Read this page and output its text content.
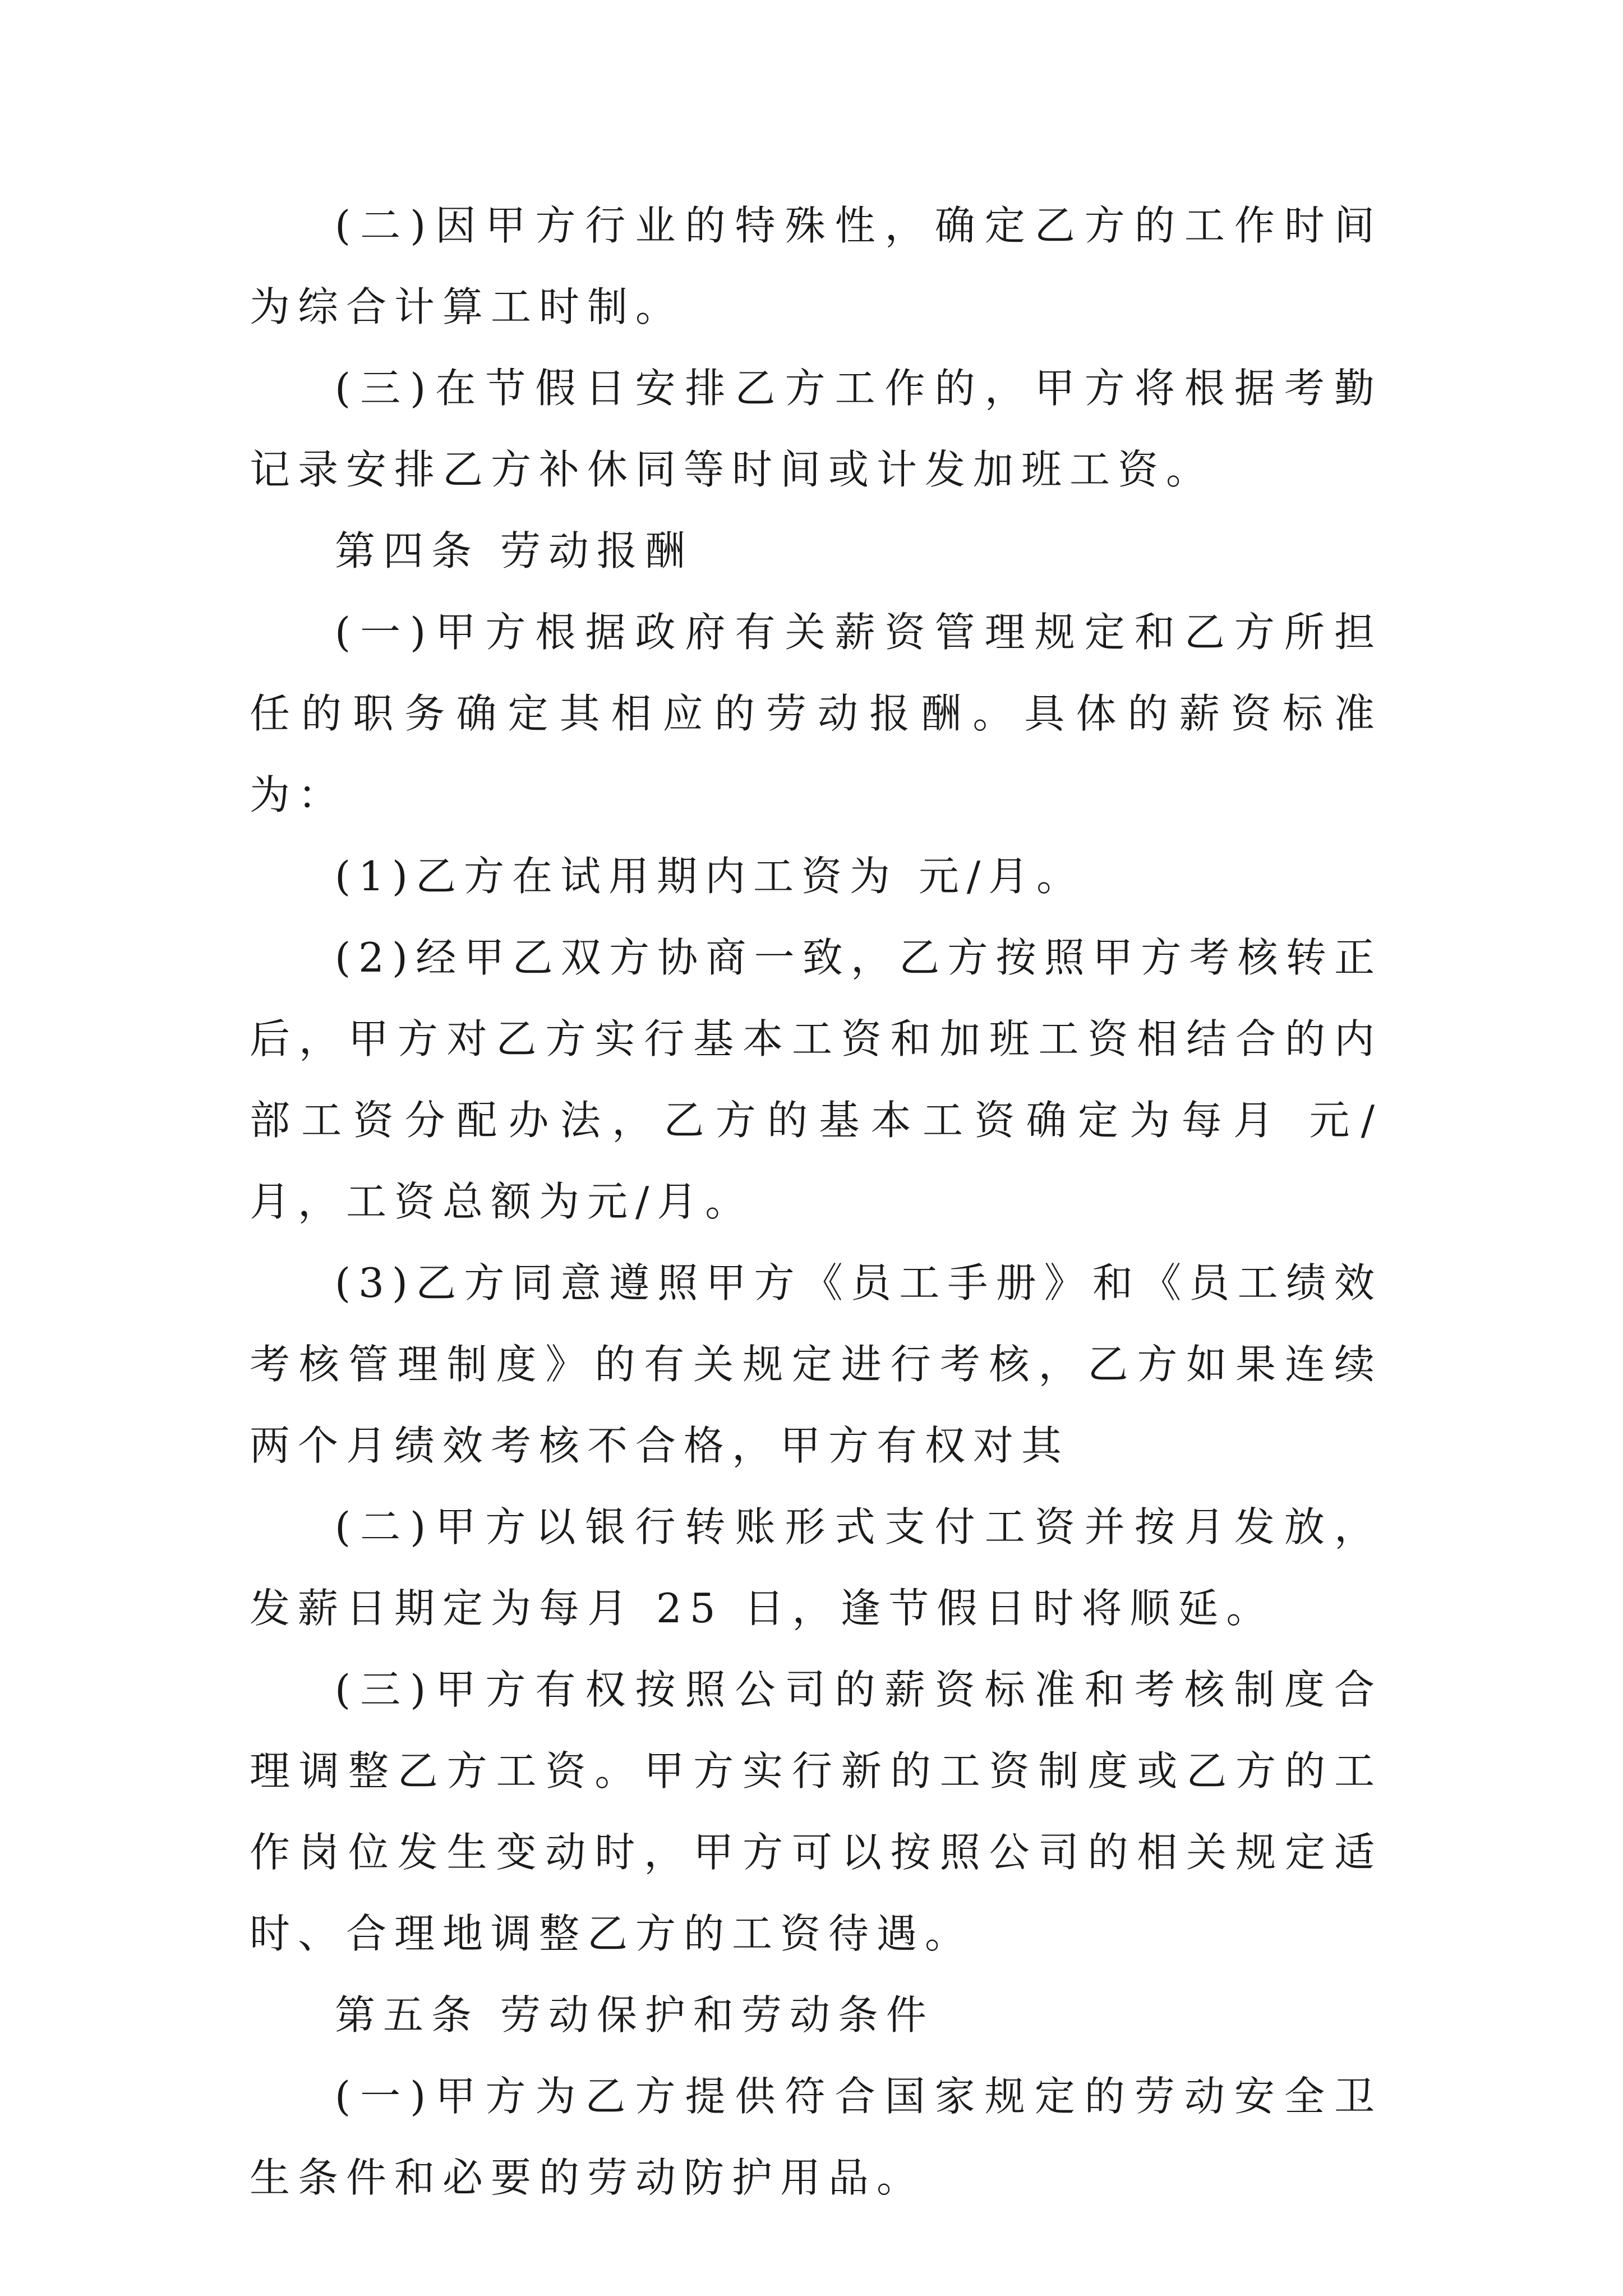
(二)因甲方行业的特殊性，确定乙方的工作时间为综合计算工时制。

(三)在节假日安排乙方工作的，甲方将根据考勤记录安排乙方补休同等时间或计发加班工资。

第四条 劳动报酬

(一)甲方根据政府有关薪资管理规定和乙方所担任的职务确定其相应的劳动报酬。具体的薪资标准为：

(1)乙方在试用期内工资为 元/月。

(2)经甲乙双方协商一致，乙方按照甲方考核转正后，甲方对乙方实行基本工资和加班工资相结合的内部工资分配办法，乙方的基本工资确定为每月 元/月，工资总额为元/月。

(3)乙方同意遵照甲方《员工手册》和《员工绩效考核管理制度》的有关规定进行考核，乙方如果连续两个月绩效考核不合格，甲方有权对其

(二)甲方以银行转账形式支付工资并按月发放，发薪日期定为每月 25 日，逢节假日时将顺延。

(三)甲方有权按照公司的薪资标准和考核制度合理调整乙方工资。甲方实行新的工资制度或乙方的工作岗位发生变动时，甲方可以按照公司的相关规定适时、合理地调整乙方的工资待遇。

第五条 劳动保护和劳动条件

(一)甲方为乙方提供符合国家规定的劳动安全卫生条件和必要的劳动防护用品。
